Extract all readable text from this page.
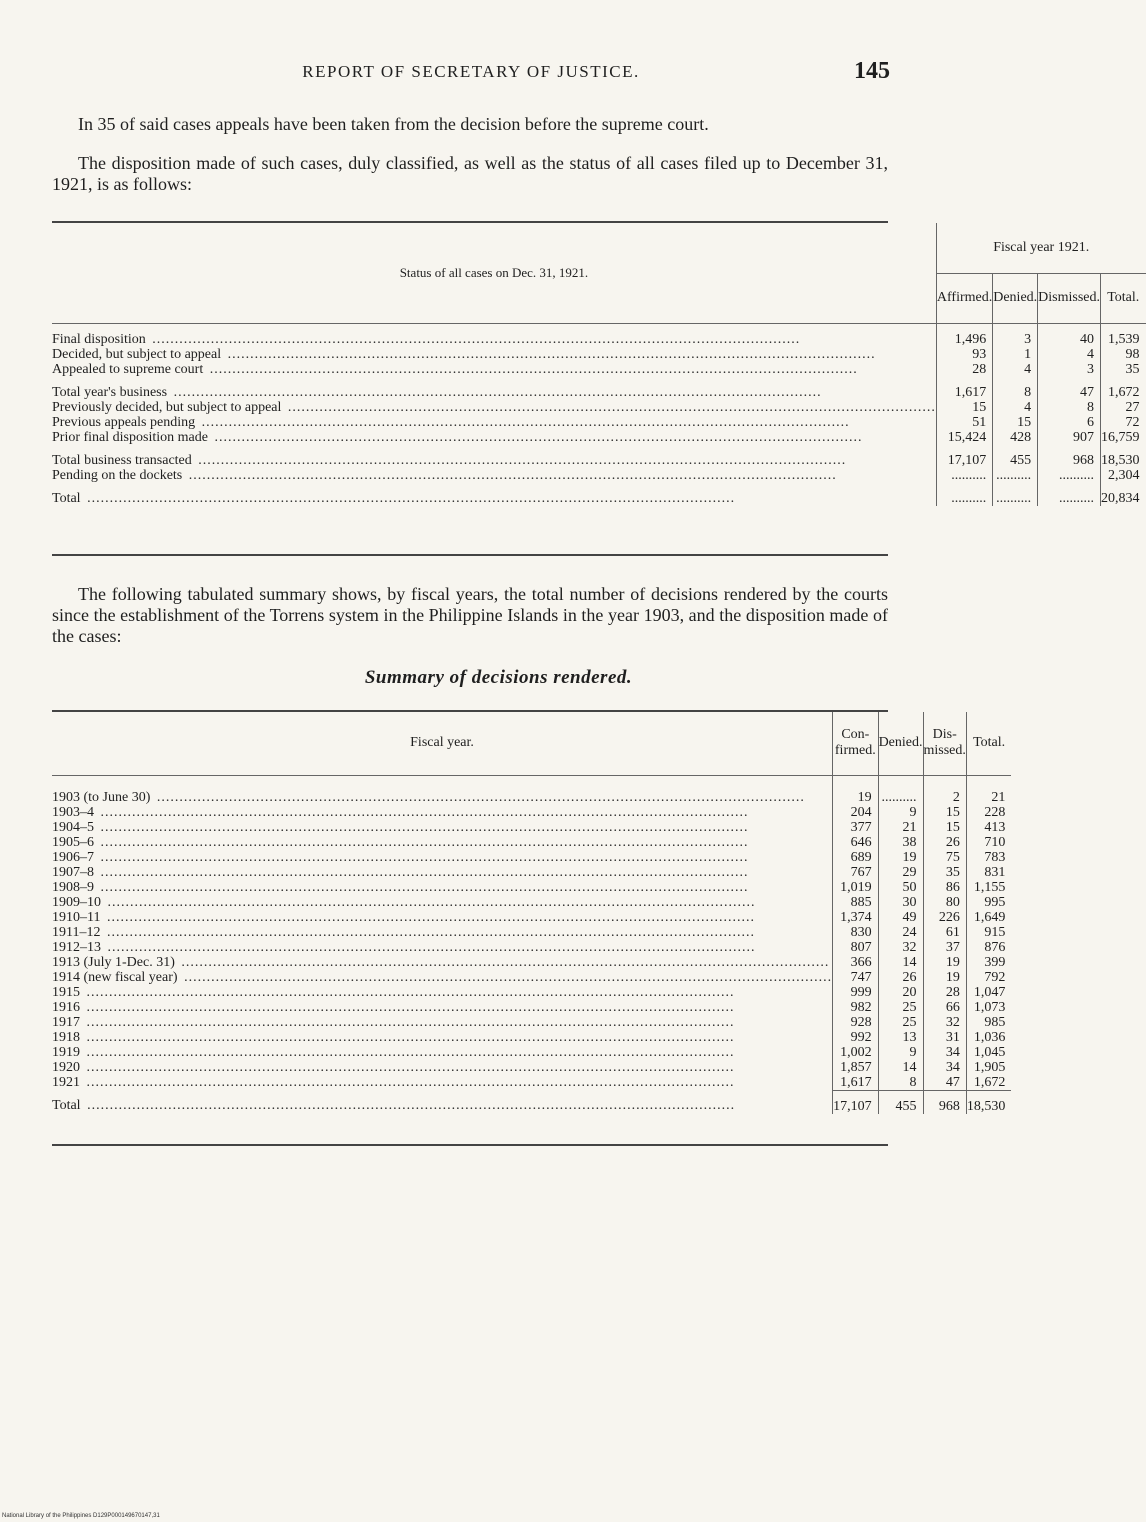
REPORT OF SECRETARY OF JUSTICE.	145
In 35 of said cases appeals have been taken from the decision before the supreme court.
The disposition made of such cases, duly classified, as well as the status of all cases filed up to December 31, 1921, is as follows:
Status of all cases on Dec. 31, 1921.	Fiscal year 1921.			
	Affirmed.	Denied.	Dismissed.	Total.
Final disposition .....	1,496	3	40	1,539
Decided, but subject to appeal .....	93	1	4	98
Appealed to supreme court .....	28	4	3	35
Total year's business .....	1,617	8	47	1,672
Previously decided, but subject to appeal .....	15	4	8	27
Previous appeals pending .....	51	15	6	72
Prior final disposition made .....	15,424	428	907	16,759
Total business transacted .....	17,107	455	968	18,530
Pending on the dockets .....	..........	..........	..........	2,304
Total .....	..........	..........	..........	20,834
The following tabulated summary shows, by fiscal years, the total number of decisions rendered by the courts since the establishment of the Torrens system in the Philippine Islands in the year 1903, and the disposition made of the cases:
Summary of decisions rendered.
Fiscal year.	Con-firmed.	Denied.	Dis-missed.	Total.
1903 (to June 30) .....	19	..........	2	21
1903–4 .....	204	9	15	228
1904–5 .....	377	21	15	413
1905–6 .....	646	38	26	710
1906–7 .....	689	19	75	783
1907–8 .....	767	29	35	831
1908–9 .....	1,019	50	86	1,155
1909–10 .....	885	30	80	995
1910–11 .....	1,374	49	226	1,649
1911–12 .....	830	24	61	915
1912–13 .....	807	32	37	876
1913 (July 1-Dec. 31) .....	366	14	19	399
1914 (new fiscal year) .....	747	26	19	792
1915 .....	999	20	28	1,047
1916 .....	982	25	66	1,073
1917 .....	928	25	32	985
1918 .....	992	13	31	1,036
1919 .....	1,002	9	34	1,045
1920 .....	1,857	14	34	1,905
1921 .....	1,617	8	47	1,672
Total .....	17,107	455	968	18,530
National Library of the Philippines D129P000149670147,31
